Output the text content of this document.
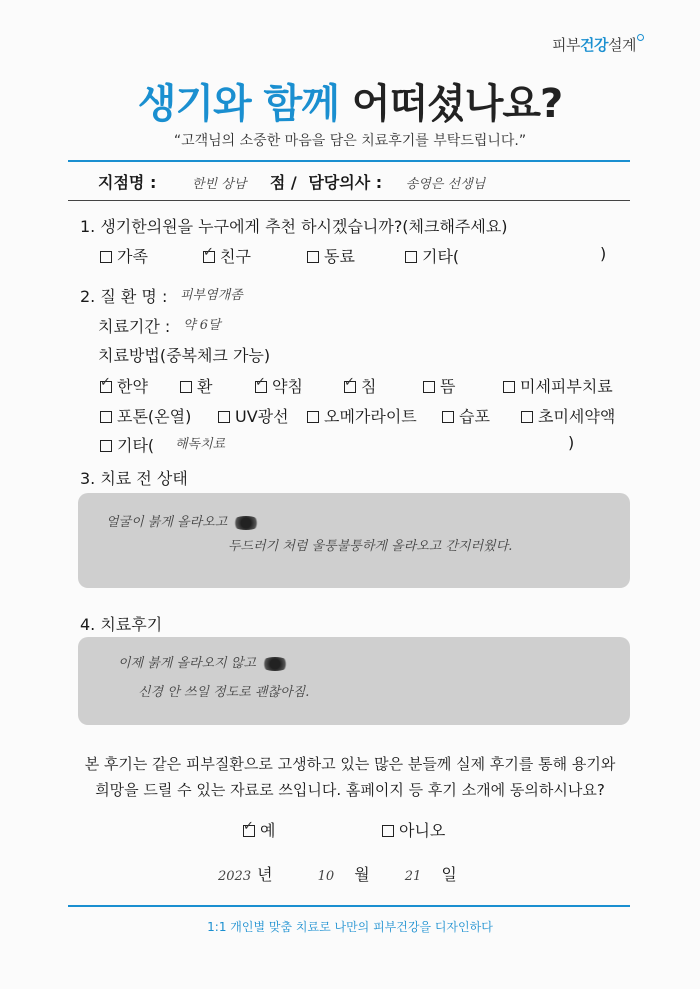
피부건강설계
생기와 함께 어떠셨나요?
“고객님의 소중한 마음을 담은 치료후기를 부탁드립니다.”
지점명 :	한빈 상남 점 / 담당의사 : 송영은 선생님
1. 생기한의원을 누구에게 추천 하시겠습니까?(체크해주세요)
가족 ✓	친구	동료	기타(	)
2. 질 환 명 : 피부염개좀
치료기간 : 약 6달
치료방법(중복체크 가능)
✓한약	환 ✓	약침 ✓	침	뜸	미세피부치료
포톤(온열)	UV광선	오메가라이트	습포	초미세약액
기타( 해독치료	)
3. 치료 전 상태
얼굴이 붉게 올라오고
두드러기 처럼 울퉁불퉁하게 올라오고 간지러웠다.
4. 치료후기
이제 붉게 올라오지 않고
신경 안 쓰일 정도로 괜찮아짐.
본 후기는 같은 피부질환으로 고생하고 있는 많은 분들께 실제 후기를 통해 용기와
희망을 드릴 수 있는 자료로 쓰입니다. 홈페이지 등 후기 소개에 동의하시나요?
✓예	아니오
2023 년	10 월	21 일
1:1 개인별 맞춤 치료로 나만의 피부건강을 디자인하다
